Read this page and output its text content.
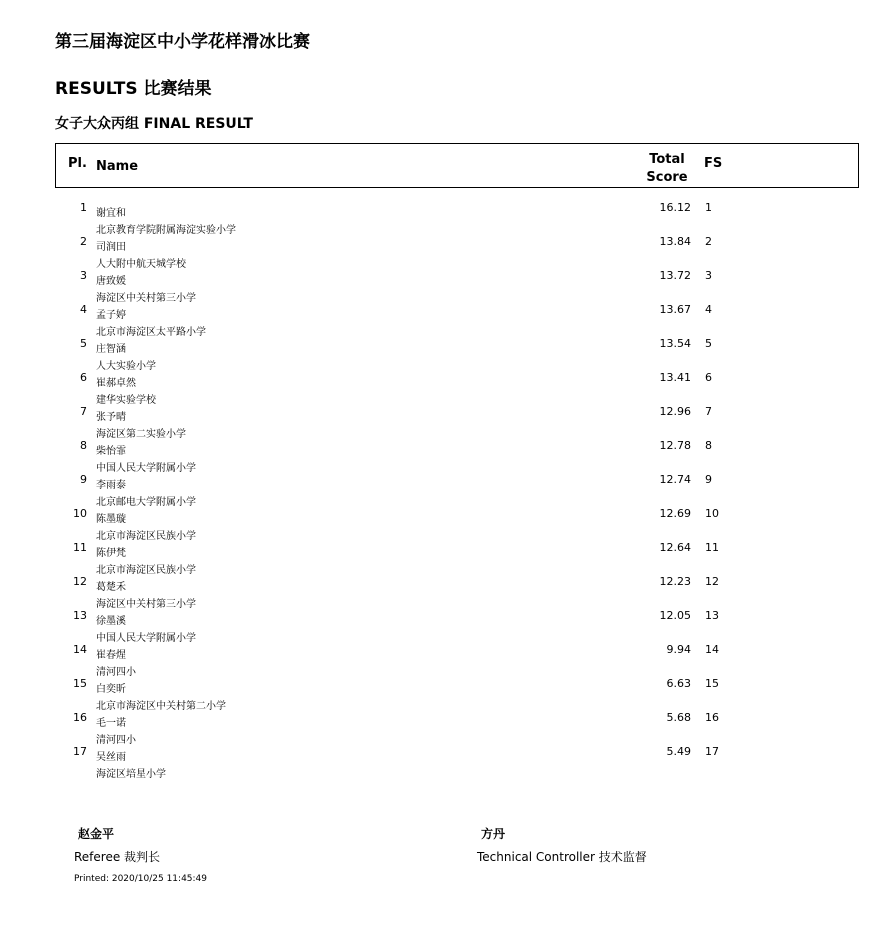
第三届海淀区中小学花样滑冰比赛
RESULTS 比赛结果
女子大众丙组 FINAL RESULT
Pl. Name	Total Score
FS
1 谢宜和
北京教育学院附属海淀实验小学
16.12 1
2 司润田
人大附中航天城学校
13.84 2
3 唐致媛
海淀区中关村第三小学
13.72 3
4 孟子婷
北京市海淀区太平路小学
13.67 4
5 庄智涵
人大实验小学
13.54 5
6 崔郝卓然
建华实验学校
13.41 6
7 张予晴
海淀区第二实验小学
12.96 7
8 柴怡霏
中国人民大学附属小学
12.78 8
9 李雨泰
北京邮电大学附属小学
12.74 9
10 陈墨璇
北京市海淀区民族小学
12.69 10
11 陈伊梵
北京市海淀区民族小学
12.64 11
12 葛楚禾
海淀区中关村第三小学
12.23 12
13 徐墨溪
中国人民大学附属小学
12.05 13
14 崔春煋
清河四小
9.94 14
15 白奕昕
北京市海淀区中关村第二小学
6.63 15
16 毛一诺
清河四小
5.68 16
17 吴丝雨
海淀区培星小学
5.49 17
赵金平
Referee 裁判长
方丹
Technical Controller 技术监督
Printed: 2020/10/25 11:45:49
